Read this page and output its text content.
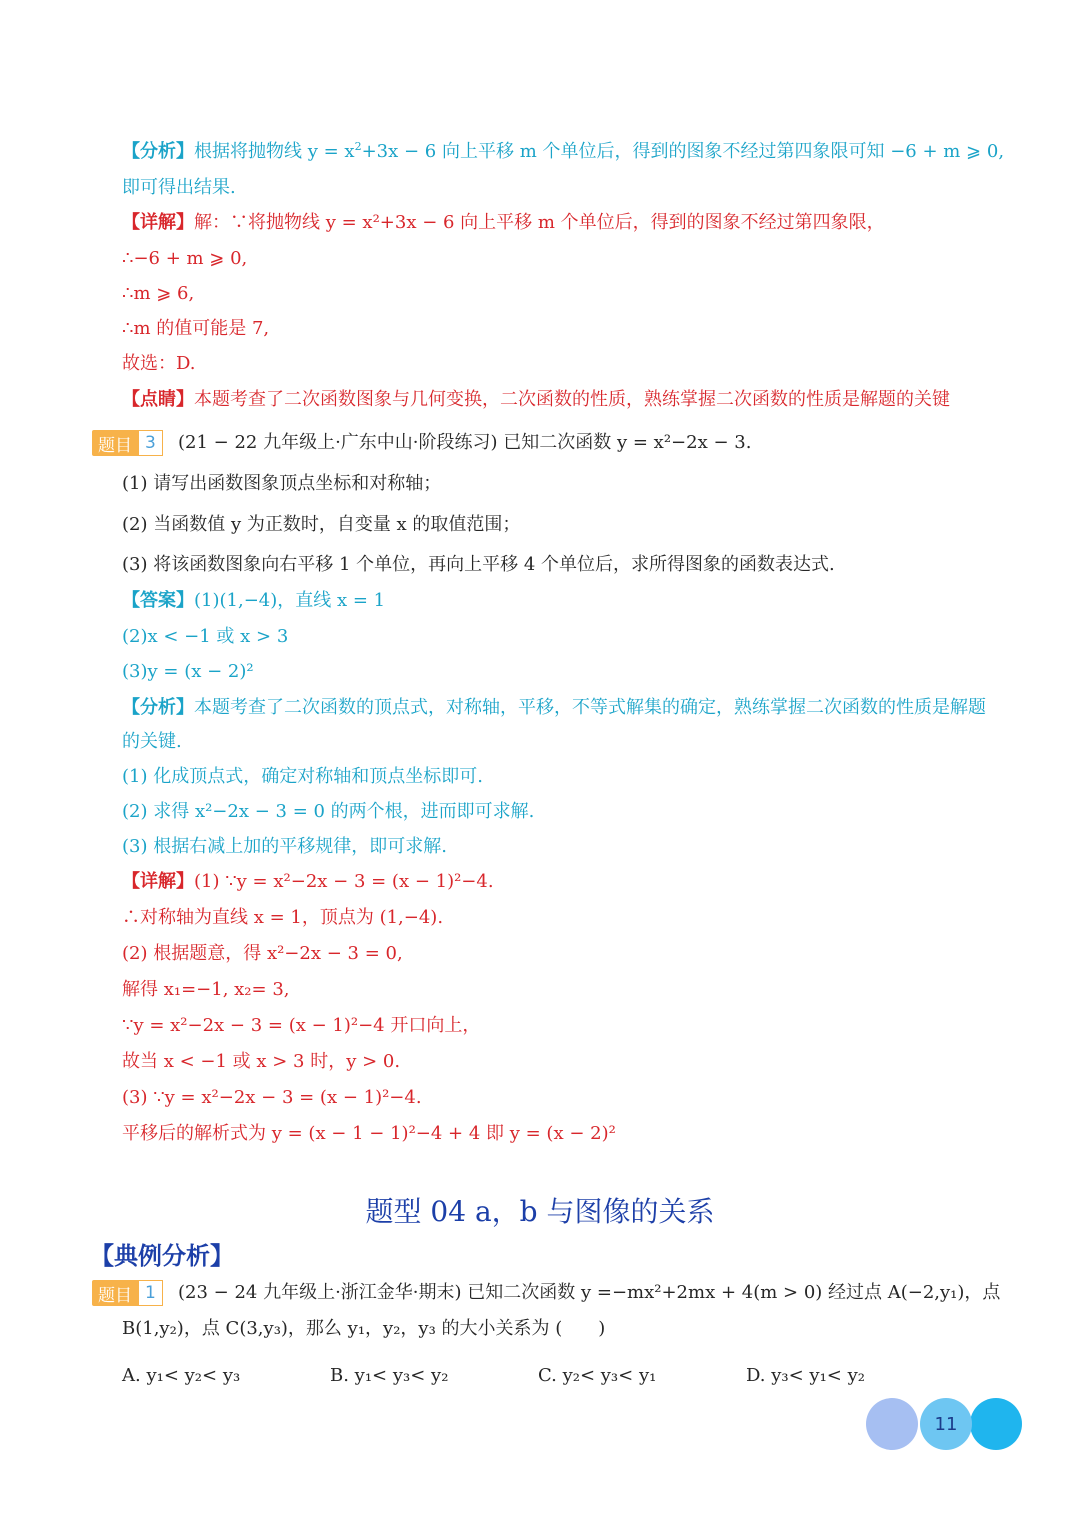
【分析】根据将抛物线 $y = x^2+3x - 6$ 向上平移 m 个单位后，得到的图象不经过第四象限可知 −6 + m ⩾ 0,
即可得出结果.
【详解】解：∵将抛物线 y = x²+3x − 6 向上平移 m 个单位后，得到的图象不经过第四象限，
∴−6 + m ⩾ 0,
∴m ⩾ 6,
∴m 的值可能是 7,
故选：D.
【点睛】本题考查了二次函数图象与几何变换，二次函数的性质，熟练掌握二次函数的性质是解题的关键
题目 3	(21 − 22 九年级上·广东中山·阶段练习) 已知二次函数 y = x²−2x − 3.
(1) 请写出函数图象顶点坐标和对称轴；
(2) 当函数值 y 为正数时，自变量 x 的取值范围；
(3) 将该函数图象向右平移 1 个单位，再向上平移 4 个单位后，求所得图象的函数表达式.
【答案】(1)(1,−4)，直线 x = 1
(2)x < −1 或 x > 3
(3)y = (x − 2)²
【分析】本题考查了二次函数的顶点式，对称轴，平移，不等式解集的确定，熟练掌握二次函数的性质是解题
的关键.
(1) 化成顶点式，确定对称轴和顶点坐标即可.
(2) 求得 x²−2x − 3 = 0 的两个根，进而即可求解.
(3) 根据右减上加的平移规律，即可求解.
【详解】(1) ∵y = x²−2x − 3 = (x − 1)²−4.
∴对称轴为直线 x = 1，顶点为 (1,−4).
(2) 根据题意，得 x²−2x − 3 = 0,
解得 x₁=−1, x₂= 3,
∵y = x²−2x − 3 = (x − 1)²−4 开口向上，
故当 x < −1 或 x > 3 时，y > 0.
(3) ∵y = x²−2x − 3 = (x − 1)²−4.
平移后的解析式为 y = (x − 1 − 1)²−4 + 4 即 y = (x − 2)²
题型 04 a，b 与图像的关系
【典例分析】
题目 1	(23 − 24 九年级上·浙江金华·期末) 已知二次函数 y =−mx²+2mx + 4(m > 0) 经过点 A(−2,y₁)，点
B(1,y₂)，点 C(3,y₃)，那么 y₁，y₂，y₃ 的大小关系为 (　　)
A. y₁< y₂< y₃	B. y₁< y₃< y₂	C. y₂< y₃< y₁	D. y₃< y₁< y₂
11
